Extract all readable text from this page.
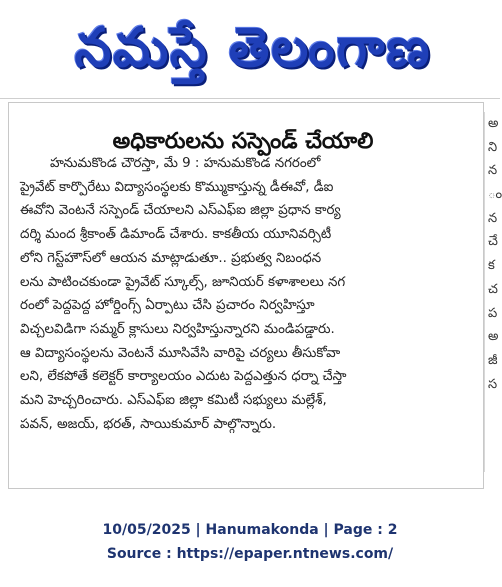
నమస్తే తెలంగాణ
అధికారులను సస్పెండ్ చేయాలి
హనుమకొండ చౌరస్తా, మే 9 : హనుమకొండ నగరంలో
ప్రైవేట్ కార్పొరేటు విద్యాసంస్థలకు కొమ్ముకాస్తున్న డీఈవో, డీఐ
ఈవోని వెంటనే సస్పెండ్ చేయాలని ఎస్ఎఫ్ఐ జిల్లా ప్రధాన కార్య
దర్శి మంద శ్రీకాంత్ డిమాండ్ చేశారు. కాకతీయ యూనివర్సిటీ
లోని గెస్ట్‌హౌస్‌లో ఆయన మాట్లాడుతూ.. ప్రభుత్వ నిబంధన
లను పాటించకుండా ప్రైవేట్ స్కూల్స్, జూనియర్ కళాశాలలు నగ
రంలో పెద్దపెద్ద హోర్డింగ్స్ ఏర్పాటు చేసి ప్రచారం నిర్వహిస్తూ
విచ్చలవిడిగా సమ్మర్ క్లాసులు నిర్వహిస్తున్నారని మండిపడ్డారు.
ఆ విద్యాసంస్థలను వెంటనే మూసివేసి వారిపై చర్యలు తీసుకోవా
లని, లేకపోతే కలెక్టర్ కార్యాలయం ఎదుట పెద్దఎత్తున ధర్నా చేస్తా
మని హెచ్చరించారు. ఎస్ఎఫ్ఐ జిల్లా కమిటీ సభ్యులు మల్లేశ్,
పవన్, అజయ్, భరత్, సాయికుమార్ పాల్గొన్నారు.
అ
ని
న
ం
న
చే
క
చ
ప
అ
జీ
స
10/05/2025 | Hanumakonda | Page : 2
Source : https://epaper.ntnews.com/
